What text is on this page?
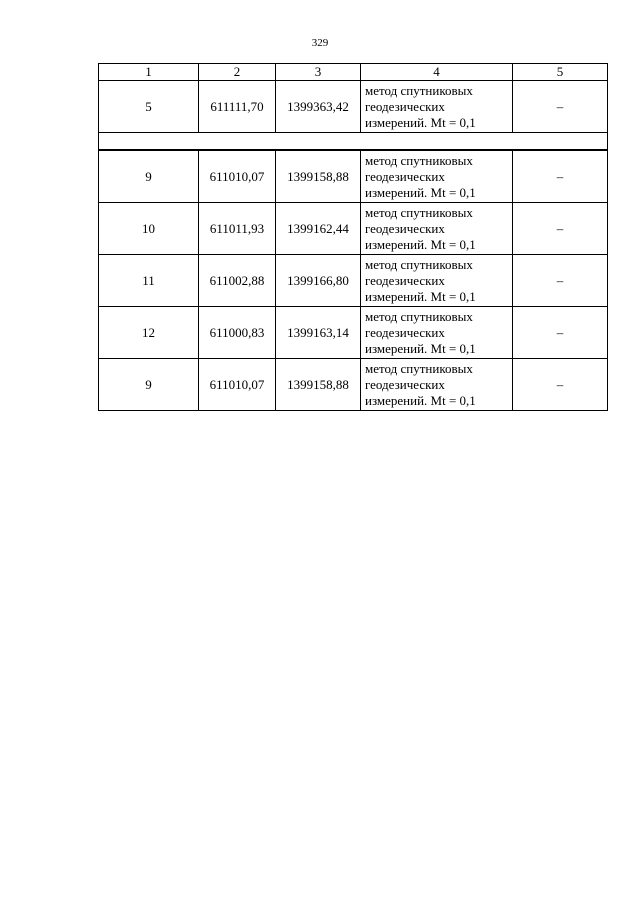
329
1	2	3	4	5
5	611111,70	1399363,42	метод спутниковых
геодезических
измерений. Mt = 0,1	–

9	611010,07	1399158,88	метод спутниковых
геодезических
измерений. Mt = 0,1	–
10	611011,93	1399162,44	метод спутниковых
геодезических
измерений. Mt = 0,1	–
11	611002,88	1399166,80	метод спутниковых
геодезических
измерений. Mt = 0,1	–
12	611000,83	1399163,14	метод спутниковых
геодезических
измерений. Mt = 0,1	–
9	611010,07	1399158,88	метод спутниковых
геодезических
измерений. Mt = 0,1	–
